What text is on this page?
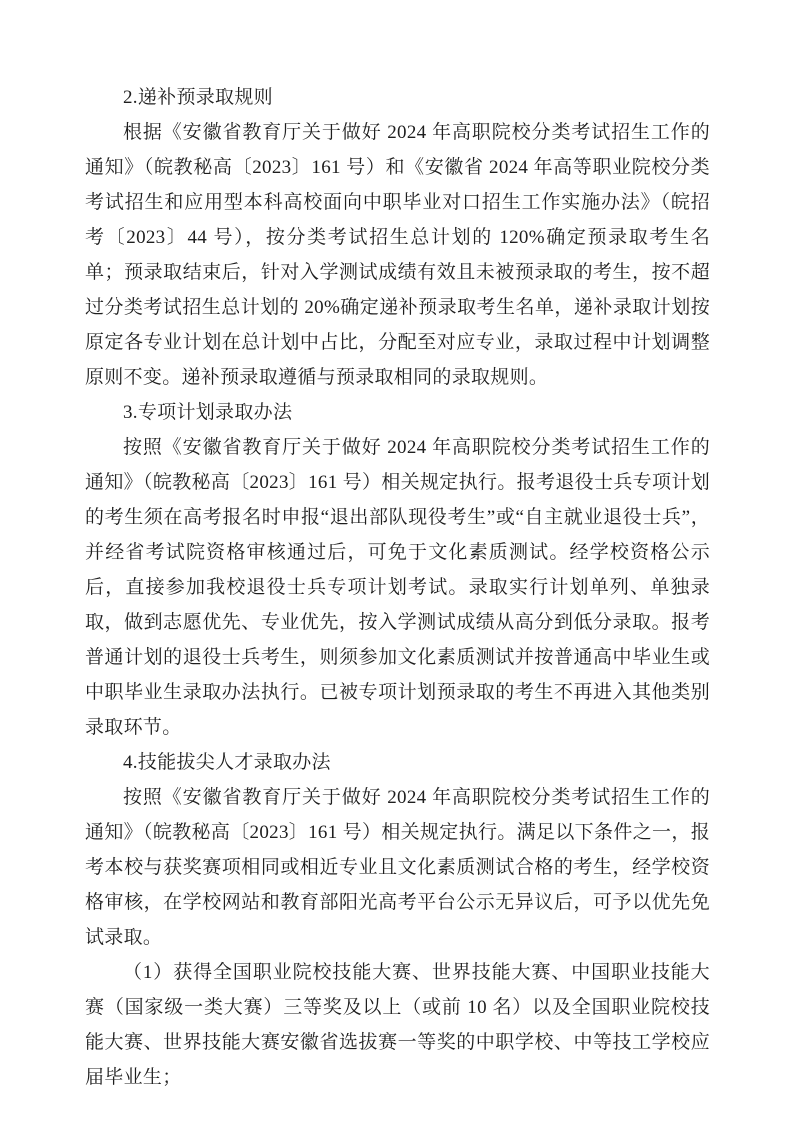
2.递补预录取规则

根据《安徽省教育厅关于做好 2024 年高职院校分类考试招生工作的通知》（皖教秘高〔2023〕161 号）和《安徽省 2024 年高等职业院校分类考试招生和应用型本科高校面向中职毕业对口招生工作实施办法》（皖招考〔2023〕44 号），按分类考试招生总计划的 120%确定预录取考生名单；预录取结束后，针对入学测试成绩有效且未被预录取的考生，按不超过分类考试招生总计划的 20%确定递补预录取考生名单，递补录取计划按原定各专业计划在总计划中占比，分配至对应专业，录取过程中计划调整原则不变。递补预录取遵循与预录取相同的录取规则。

3.专项计划录取办法

按照《安徽省教育厅关于做好 2024 年高职院校分类考试招生工作的通知》（皖教秘高〔2023〕161 号）相关规定执行。报考退役士兵专项计划的考生须在高考报名时申报“退出部队现役考生”或“自主就业退役士兵”，并经省考试院资格审核通过后，可免于文化素质测试。经学校资格公示后，直接参加我校退役士兵专项计划考试。录取实行计划单列、单独录取，做到志愿优先、专业优先，按入学测试成绩从高分到低分录取。报考普通计划的退役士兵考生，则须参加文化素质测试并按普通高中毕业生或中职毕业生录取办法执行。已被专项计划预录取的考生不再进入其他类别录取环节。

4.技能拔尖人才录取办法

按照《安徽省教育厅关于做好 2024 年高职院校分类考试招生工作的通知》（皖教秘高〔2023〕161 号）相关规定执行。满足以下条件之一，报考本校与获奖赛项相同或相近专业且文化素质测试合格的考生，经学校资格审核，在学校网站和教育部阳光高考平台公示无异议后，可予以优先免试录取。

（1）获得全国职业院校技能大赛、世界技能大赛、中国职业技能大赛（国家级一类大赛）三等奖及以上（或前 10 名）以及全国职业院校技能大赛、世界技能大赛安徽省选拔赛一等奖的中职学校、中等技工学校应届毕业生；
